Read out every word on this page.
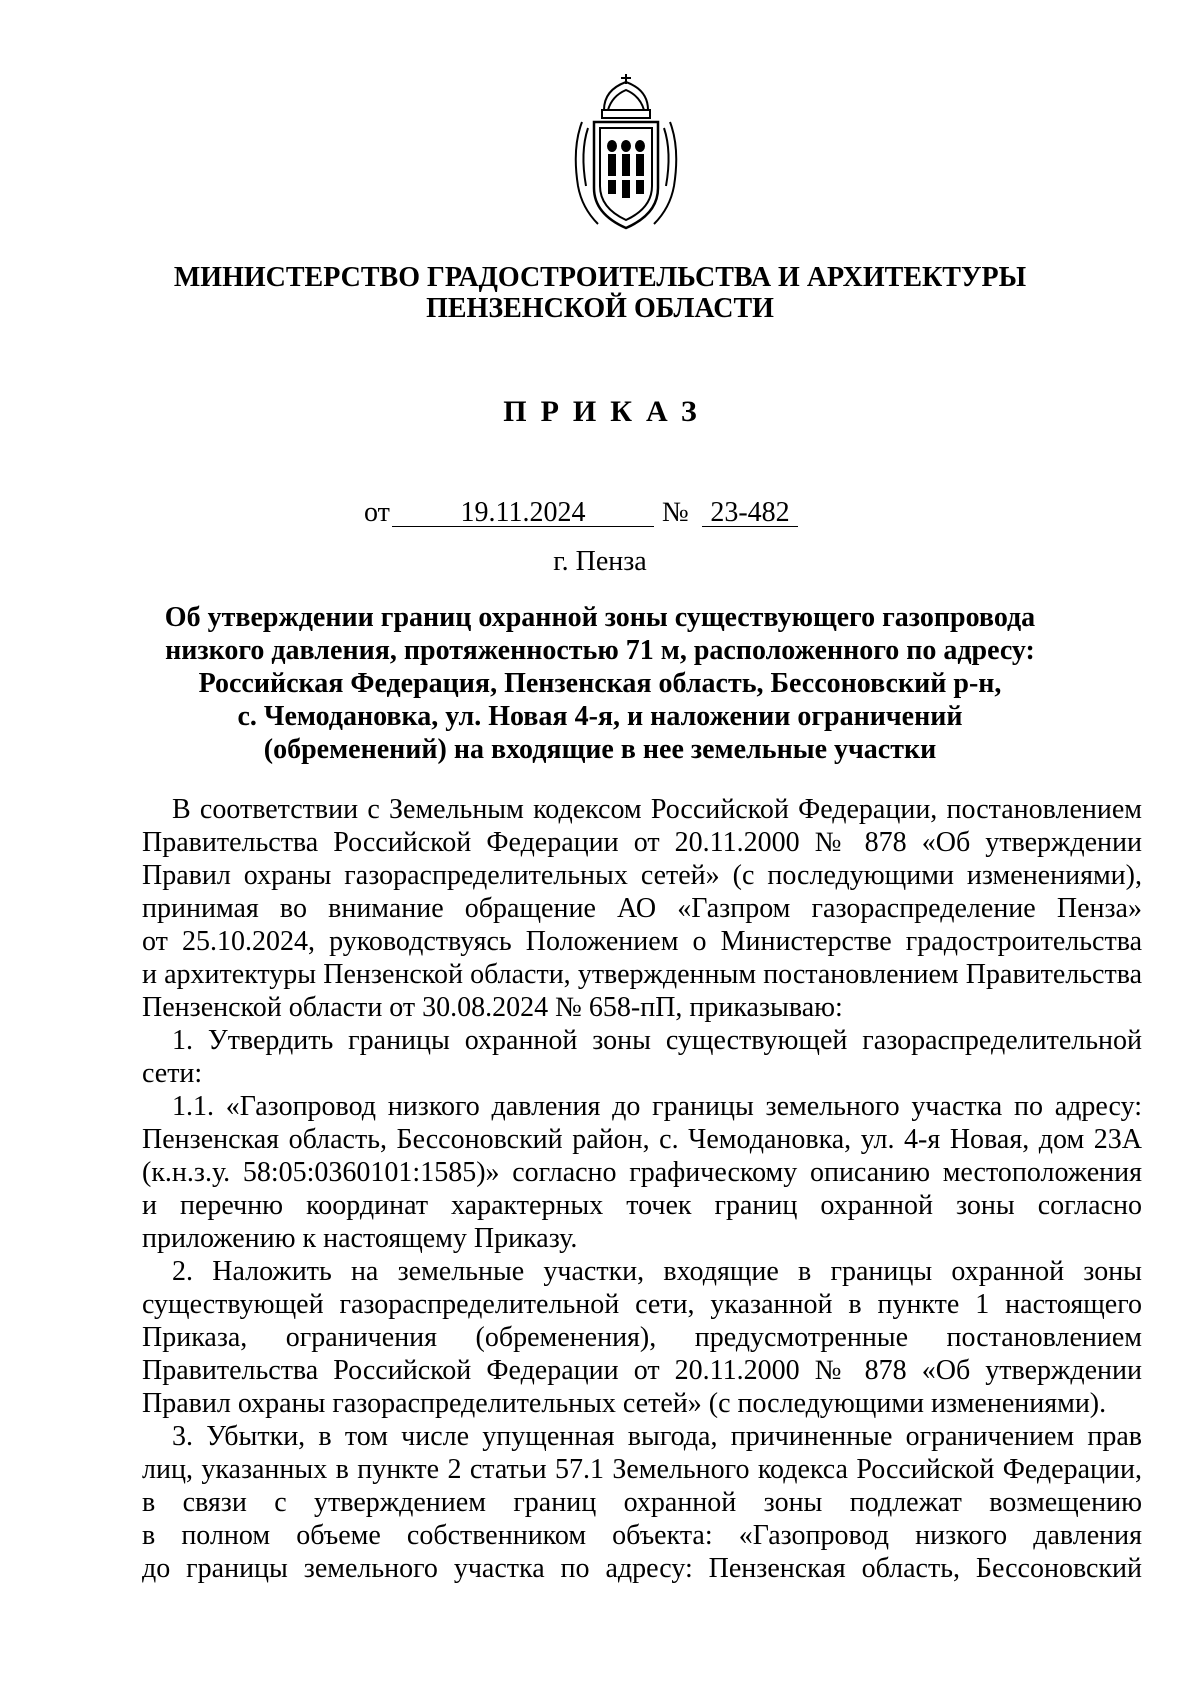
МИНИСТЕРСТВО ГРАДОСТРОИТЕЛЬСТВА И АРХИТЕКТУРЫ
ПЕНЗЕНСКОЙ ОБЛАСТИ
ПРИКАЗ
от	19.11.2024	№ 23-482
г. Пенза
Об утверждении границ охранной зоны существующего газопровода
низкого давления, протяженностью 71 м, расположенного по адресу:
Российская Федерация, Пензенская область, Бессоновский р-н,
с. Чемодановка, ул. Новая 4-я, и наложении ограничений
(обременений) на входящие в нее земельные участки
В соответствии с Земельным кодексом Российской Федерации, постановлением
Правительства Российской Федерации от 20.11.2000 № 878 «Об утверждении
Правил охраны газораспределительных сетей» (с последующими изменениями),
принимая во внимание обращение АО «Газпром газораспределение Пенза»
от 25.10.2024, руководствуясь Положением о Министерстве градостроительства
и архитектуры Пензенской области, утвержденным постановлением Правительства
Пензенской области от 30.08.2024 № 658-пП, приказываю:
1. Утвердить границы охранной зоны существующей газораспределительной
сети:
1.1. «Газопровод низкого давления до границы земельного участка по адресу:
Пензенская область, Бессоновский район, с. Чемодановка, ул. 4-я Новая, дом 23А
(к.н.з.у. 58:05:0360101:1585)» согласно графическому описанию местоположения
и перечню координат характерных точек границ охранной зоны согласно
приложению к настоящему Приказу.
2. Наложить на земельные участки, входящие в границы охранной зоны
существующей газораспределительной сети, указанной в пункте 1 настоящего
Приказа, ограничения (обременения), предусмотренные постановлением
Правительства Российской Федерации от 20.11.2000 № 878 «Об утверждении
Правил охраны газораспределительных сетей» (с последующими изменениями).
3. Убытки, в том числе упущенная выгода, причиненные ограничением прав
лиц, указанных в пункте 2 статьи 57.1 Земельного кодекса Российской Федерации,
в связи с утверждением границ охранной зоны подлежат возмещению
в полном объеме собственником объекта: «Газопровод низкого давления
до границы земельного участка по адресу: Пензенская область, Бессоновский
